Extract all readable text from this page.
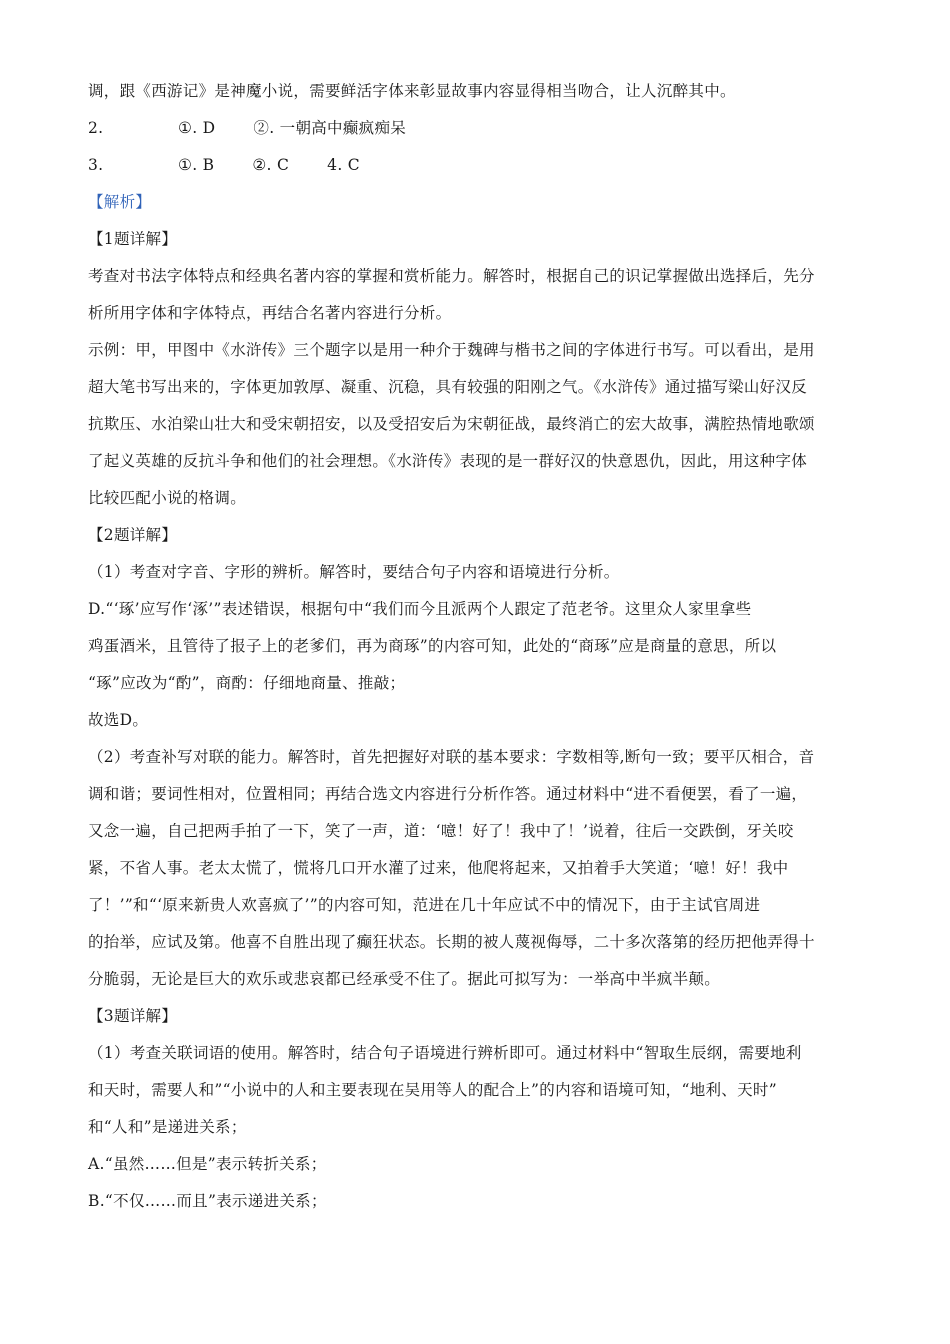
调，跟《西游记》是神魔小说，需要鲜活字体来彰显故事内容显得相当吻合，让人沉醉其中。
2.	①. D ②. 一朝高中癫疯痴呆
3.	①. B ②. C 4. C
【解析】
【1题详解】
考查对书法字体特点和经典名著内容的掌握和赏析能力。解答时，根据自己的识记掌握做出选择后，先分
析所用字体和字体特点，再结合名著内容进行分析。
示例：甲，甲图中《水浒传》三个题字以是用一种介于魏碑与楷书之间的字体进行书写。可以看出，是用
超大笔书写出来的，字体更加敦厚、凝重、沉稳，具有较强的阳刚之气。《水浒传》通过描写梁山好汉反
抗欺压、水泊梁山壮大和受宋朝招安，以及受招安后为宋朝征战，最终消亡的宏大故事，满腔热情地歌颂
了起义英雄的反抗斗争和他们的社会理想。《水浒传》表现的是一群好汉的快意恩仇，因此，用这种字体
比较匹配小说的格调。
【2题详解】
（1）考查对字音、字形的辨析。解答时，要结合句子内容和语境进行分析。
D.“‘琢’应写作‘涿’”表述错误，根据句中“我们而今且派两个人跟定了范老爷。这里众人家里拿些
鸡蛋酒米，且管待了报子上的老爹们，再为商琢”的内容可知，此处的“商琢”应是商量的意思，所以
“琢”应改为“酌”，商酌：仔细地商量、推敲；
故选D。
（2）考查补写对联的能力。解答时，首先把握好对联的基本要求：字数相等,断句一致；要平仄相合，音
调和谐；要词性相对，位置相同；再结合选文内容进行分析作答。通过材料中“进不看便罢，看了一遍，
又念一遍，自己把两手拍了一下，笑了一声，道：‘噫！好了！我中了！’说着，往后一交跌倒，牙关咬
紧，不省人事。老太太慌了，慌将几口开水灌了过来，他爬将起来，又拍着手大笑道；‘噫！好！我中
了！’”和“‘原来新贵人欢喜疯了’”的内容可知，范进在几十年应试不中的情况下，由于主试官周进
的抬举，应试及第。他喜不自胜出现了癫狂状态。长期的被人蔑视侮辱，二十多次落第的经历把他弄得十
分脆弱，无论是巨大的欢乐或悲哀都已经承受不住了。据此可拟写为：一举高中半疯半颠。
【3题详解】
（1）考查关联词语的使用。解答时，结合句子语境进行辨析即可。通过材料中“智取生辰纲，需要地利
和天时，需要人和”“小说中的人和主要表现在吴用等人的配合上”的内容和语境可知，“地利、天时”
和“人和”是递进关系；
A.“虽然……但是”表示转折关系；
B.“不仅……而且”表示递进关系；
